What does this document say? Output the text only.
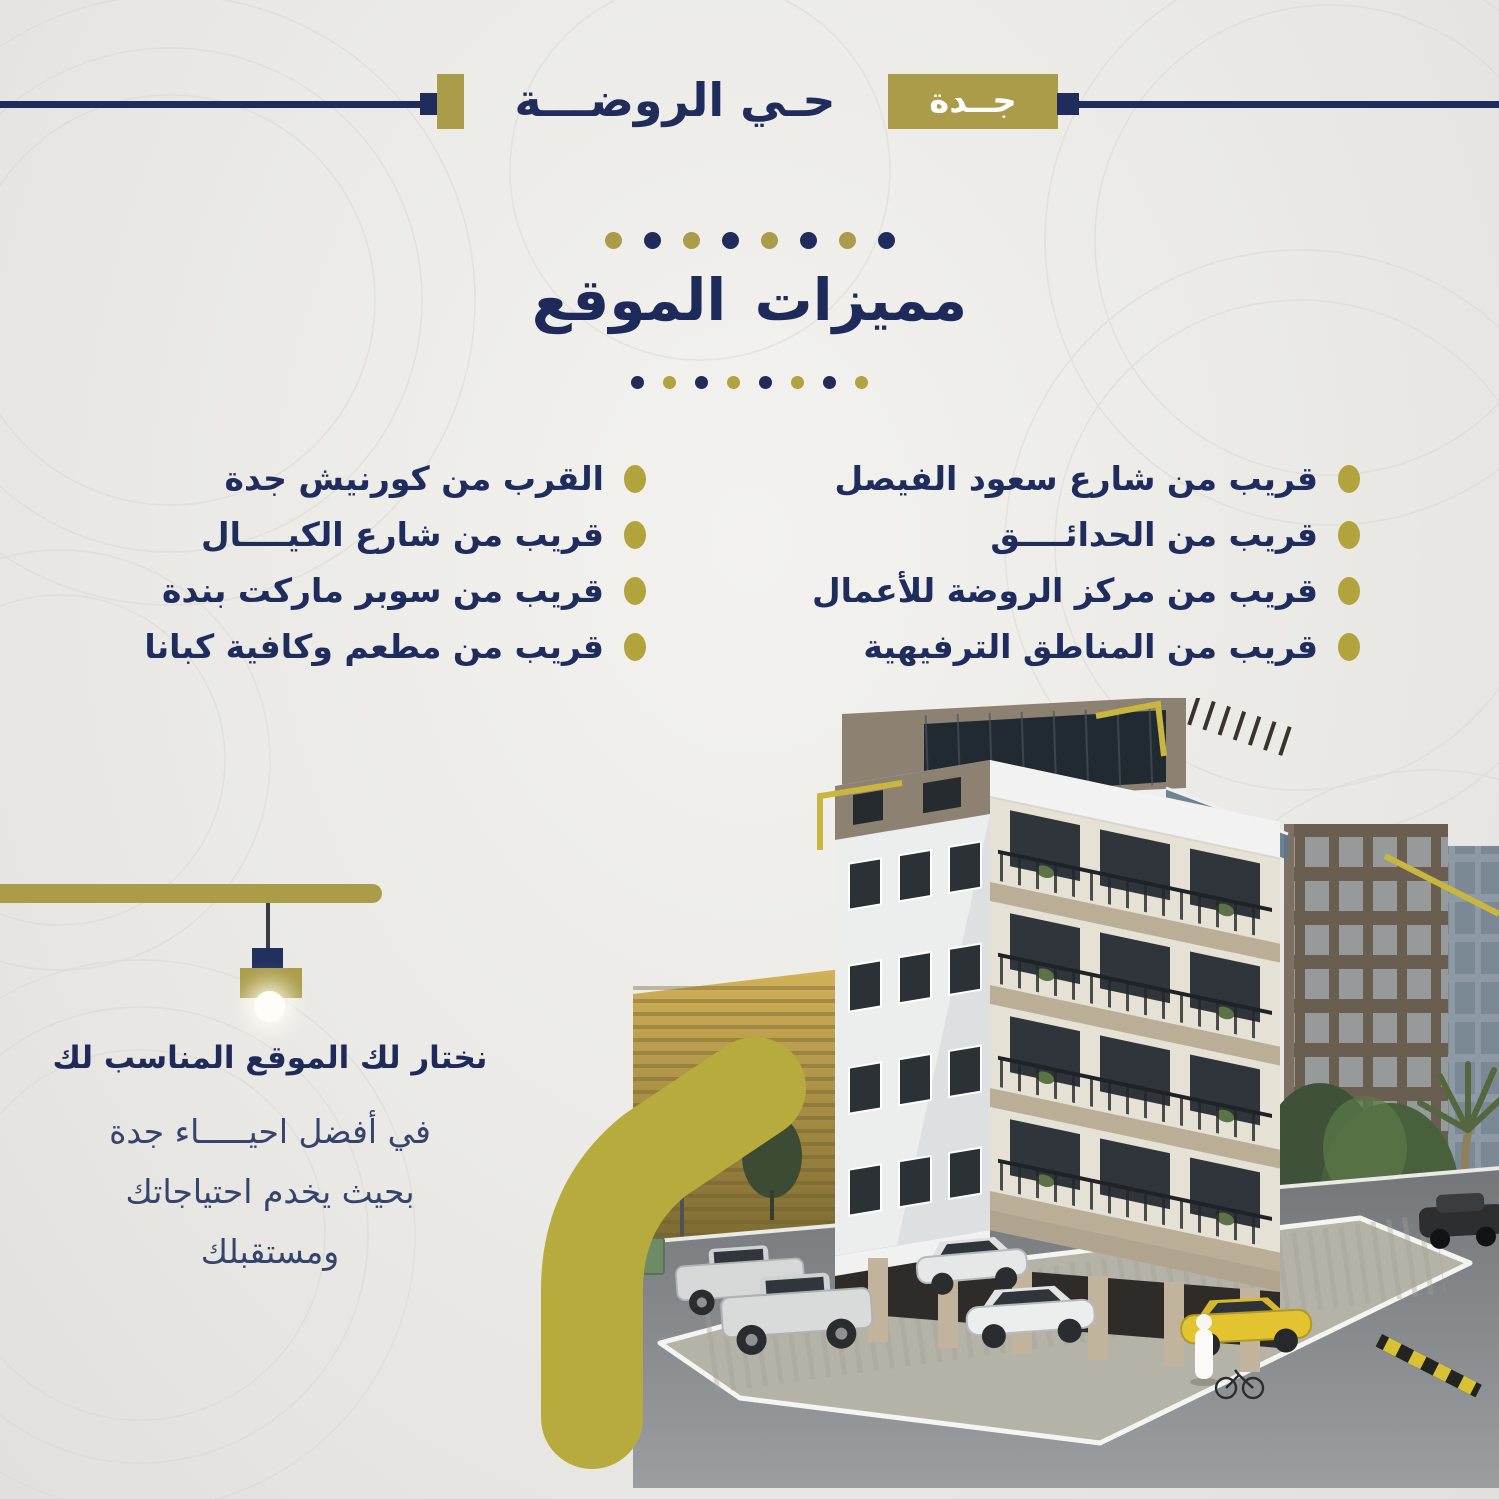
حـي الروضـــة	جــدة
مميزات الموقع
قريب من شارع سعود الفيصل
قريب من الحدائــــق
قريب من مركز الروضة للأعمال
قريب من المناطق الترفيهية
القرب من كورنيش جدة
قريب من شارع الكيــــال
قريب من سوبر ماركت بندة
قريب من مطعم وكافية كبانا

نختار لك الموقع المناسب لك

في أفضل احيـــــاء جدة

بحيث يخدم احتياجاتك

ومستقبلك
